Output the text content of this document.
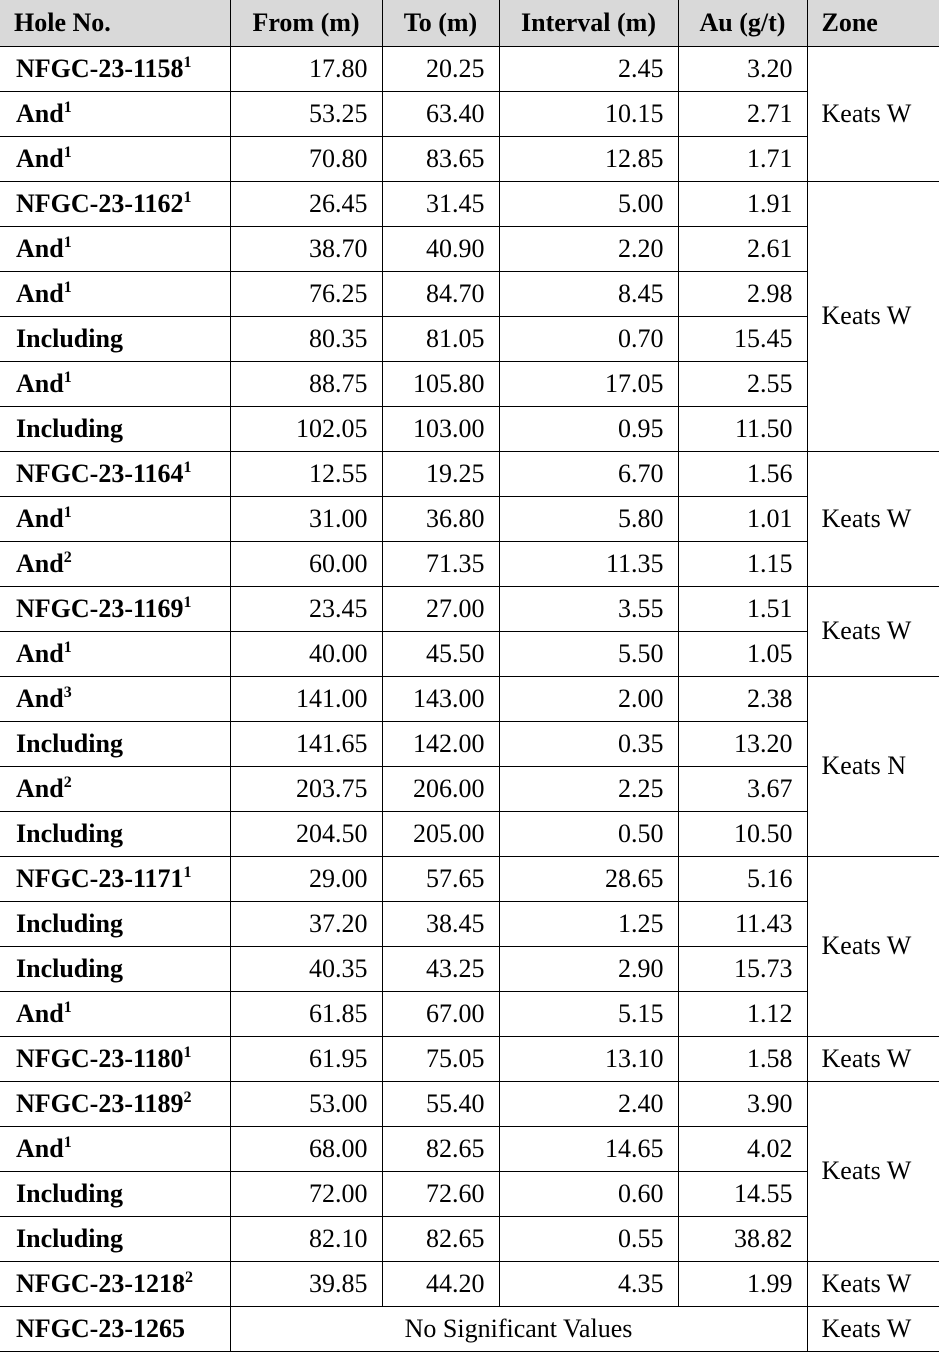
Hole No.	From (m)	To (m)	Interval (m)	Au (g/t)	Zone
NFGC-23-1158$^1$	17.80	20.25	2.45	3.20	Keats W
And$^1$	53.25	63.40	10.15	2.71	
And$^1$	70.80	83.65	12.85	1.71	
NFGC-23-1162$^1$	26.45	31.45	5.00	1.91	Keats W
And$^1$	38.70	40.90	2.20	2.61	
And$^1$	76.25	84.70	8.45	2.98	
Including	80.35	81.05	0.70	15.45	
And$^1$	88.75	105.80	17.05	2.55	
Including	102.05	103.00	0.95	11.50	
NFGC-23-1164$^1$	12.55	19.25	6.70	1.56	Keats W
And$^1$	31.00	36.80	5.80	1.01	
And$^2$	60.00	71.35	11.35	1.15	
NFGC-23-1169$^1$	23.45	27.00	3.55	1.51	Keats W
And$^1$	40.00	45.50	5.50	1.05	
And$^3$	141.00	143.00	2.00	2.38	Keats N
Including	141.65	142.00	0.35	13.20	
And$^2$	203.75	206.00	2.25	3.67	
Including	204.50	205.00	0.50	10.50	
NFGC-23-1171$^1$	29.00	57.65	28.65	5.16	Keats W
Including	37.20	38.45	1.25	11.43	
Including	40.35	43.25	2.90	15.73	
And$^1$	61.85	67.00	5.15	1.12	
NFGC-23-1180$^1$	61.95	75.05	13.10	1.58	Keats W
NFGC-23-1189$^2$	53.00	55.40	2.40	3.90	Keats W
And$^1$	68.00	82.65	14.65	4.02	
Including	72.00	72.60	0.60	14.55	
Including	82.10	82.65	0.55	38.82	
NFGC-23-1218$^2$	39.85	44.20	4.35	1.99	Keats W
NFGC-23-1265	No Significant Values				Keats W
